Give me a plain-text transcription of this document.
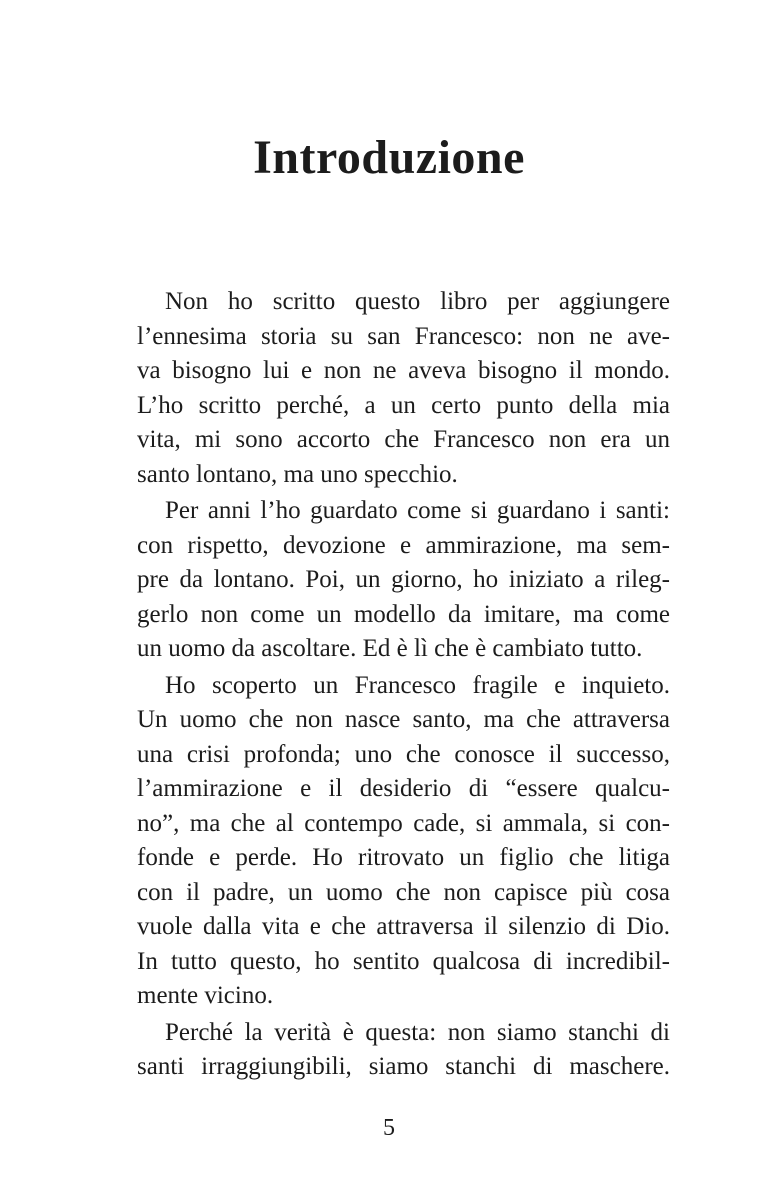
Introduzione
Non ho scritto questo libro per aggiungere
l’ennesima storia su san Francesco: non ne ave-
va bisogno lui e non ne aveva bisogno il mondo.
L’ho scritto perché, a un certo punto della mia
vita, mi sono accorto che Francesco non era un
santo lontano, ma uno specchio.
Per anni l’ho guardato come si guardano i santi:
con rispetto, devozione e ammirazione, ma sem-
pre da lontano. Poi, un giorno, ho iniziato a rileg-
gerlo non come un modello da imitare, ma come
un uomo da ascoltare. Ed è lì che è cambiato tutto.
Ho scoperto un Francesco fragile e inquieto.
Un uomo che non nasce santo, ma che attraversa
una crisi profonda; uno che conosce il successo,
l’ammirazione e il desiderio di “essere qualcu-
no”, ma che al contempo cade, si ammala, si con-
fonde e perde. Ho ritrovato un figlio che litiga
con il padre, un uomo che non capisce più cosa
vuole dalla vita e che attraversa il silenzio di Dio.
In tutto questo, ho sentito qualcosa di incredibil-
mente vicino.
Perché la verità è questa: non siamo stanchi di
santi irraggiungibili, siamo stanchi di maschere.
5
